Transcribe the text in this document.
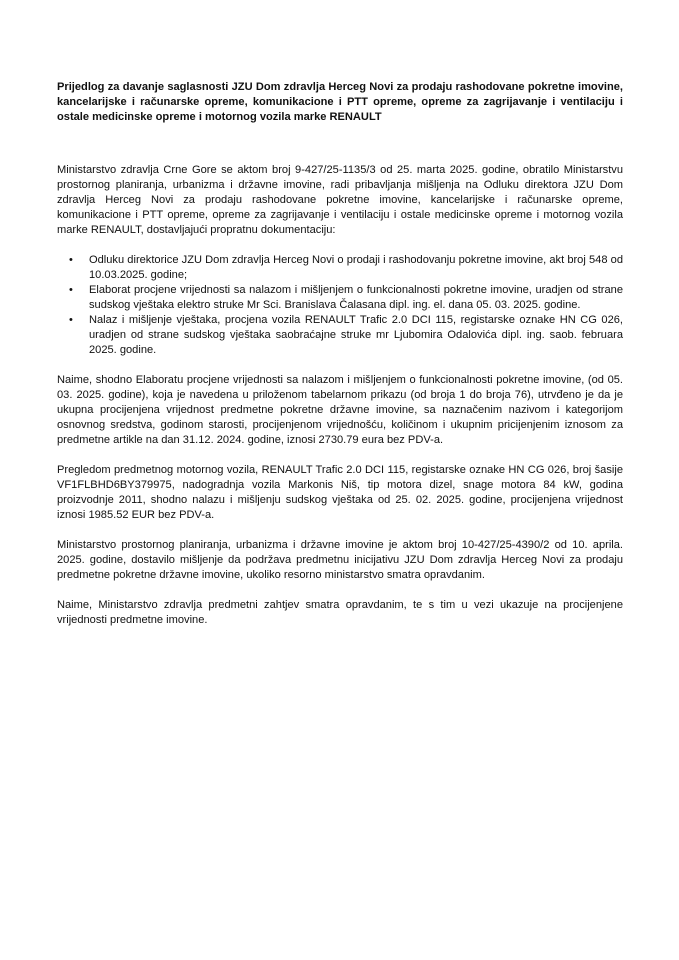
Prijedlog za davanje saglasnosti JZU Dom zdravlja Herceg Novi za prodaju rashodovane pokretne imovine, kancelarijske i računarske opreme, komunikacione i PTT opreme, opreme za zagrijavanje i ventilaciju i ostale medicinske opreme i motornog vozila marke RENAULT

Ministarstvo zdravlja Crne Gore se aktom broj 9-427/25-1135/3 od 25. marta 2025. godine, obratilo Ministarstvu prostornog planiranja, urbanizma i državne imovine, radi pribavljanja mišljenja na Odluku direktora JZU Dom zdravlja Herceg Novi za prodaju rashodovane pokretne imovine, kancelarijske i računarske opreme, komunikacione i PTT opreme, opreme za zagrijavanje i ventilaciju i ostale medicinske opreme i motornog vozila marke RENAULT, dostavljajući propratnu dokumentaciju:

• Odluku direktorice JZU Dom zdravlja Herceg Novi o prodaji i rashodovanju pokretne imovine, akt broj 548 od 10.03.2025. godine;
• Elaborat procjene vrijednosti sa nalazom i mišljenjem o funkcionalnosti pokretne imovine, uradjen od strane sudskog vještaka elektro struke Mr Sci. Branislava Čalasana dipl. ing. el. dana 05. 03. 2025. godine.
• Nalaz i mišljenje vještaka, procjena vozila RENAULT Trafic 2.0 DCI 115, registarske oznake HN CG 026, uradjen od strane sudskog vještaka saobraćajne struke mr Ljubomira Odalovića dipl. ing. saob. februara 2025. godine.

Naime, shodno Elaboratu procjene vrijednosti sa nalazom i mišljenjem o funkcionalnosti pokretne imovine, (od 05. 03. 2025. godine), koja je navedena u priloženom tabelarnom prikazu (od broja 1 do broja 76), utrvđeno je da je ukupna procijenjena vrijednost predmetne pokretne državne imovine, sa naznačenim nazivom i kategorijom osnovnog sredstva, godinom starosti, procijenjenom vrijednošću, količinom i ukupnim pricijenjenim iznosom za predmetne artikle na dan 31.12. 2024. godine, iznosi 2730.79 eura bez PDV-a.

Pregledom predmetnog motornog vozila, RENAULT Trafic 2.0 DCI 115, registarske oznake HN CG 026, broj šasije VF1FLBHD6BY379975, nadogradnja vozila Markonis Niš, tip motora dizel, snage motora 84 kW, godina proizvodnje 2011, shodno nalazu i mišljenju sudskog vještaka od 25. 02. 2025. godine, procijenjena vrijednost iznosi 1985.52 EUR bez PDV-a.

Ministarstvo prostornog planiranja, urbanizma i državne imovine je aktom broj 10-427/25-4390/2 od 10. aprila. 2025. godine, dostavilo mišljenje da podržava predmetnu inicijativu JZU Dom zdravlja Herceg Novi za prodaju predmetne pokretne državne imovine, ukoliko resorno ministarstvo smatra opravdanim.

Naime, Ministarstvo zdravlja predmetni zahtjev smatra opravdanim, te s tim u vezi ukazuje na procijenjene vrijednosti predmetne imovine.
